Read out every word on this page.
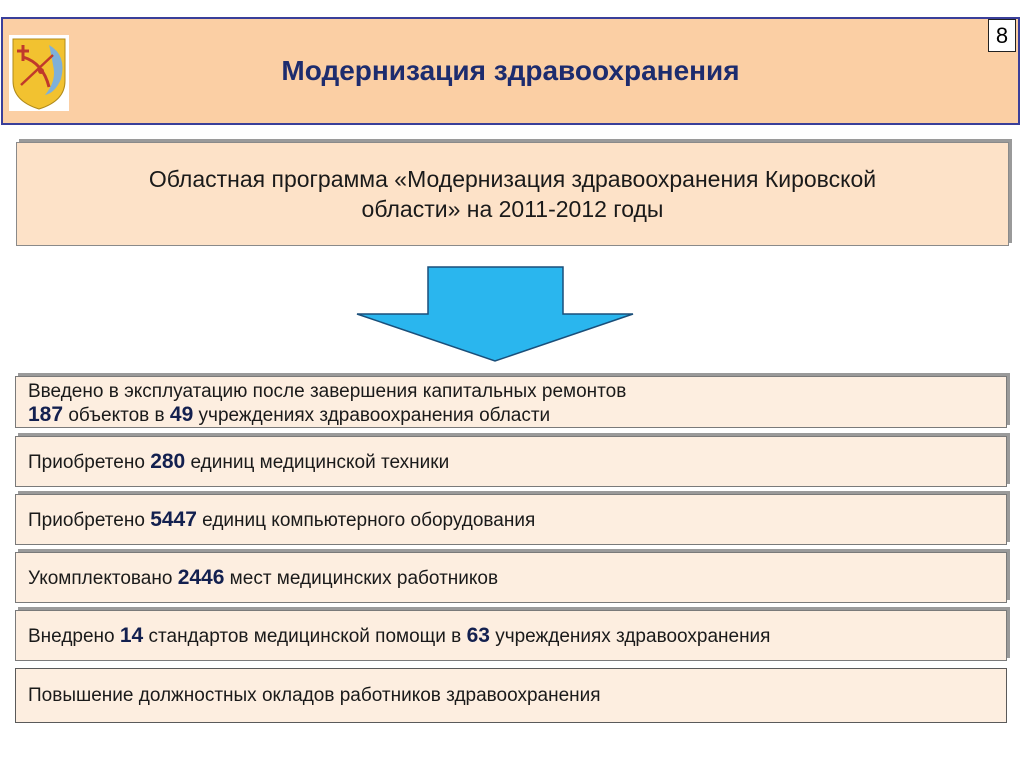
Модернизация здравоохранения
8
Областная программа «Модернизация здравоохранения Кировской
области» на 2011-2012 годы
Введено в эксплуатацию после завершения капитальных ремонтов
187 объектов в 49 учреждениях здравоохранения области
Приобретено 280 единиц медицинской техники
Приобретено 5447 единиц компьютерного оборудования
Укомплектовано 2446 мест медицинских работников
Внедрено 14 стандартов медицинской помощи в 63 учреждениях здравоохранения
Повышение должностных окладов работников здравоохранения
